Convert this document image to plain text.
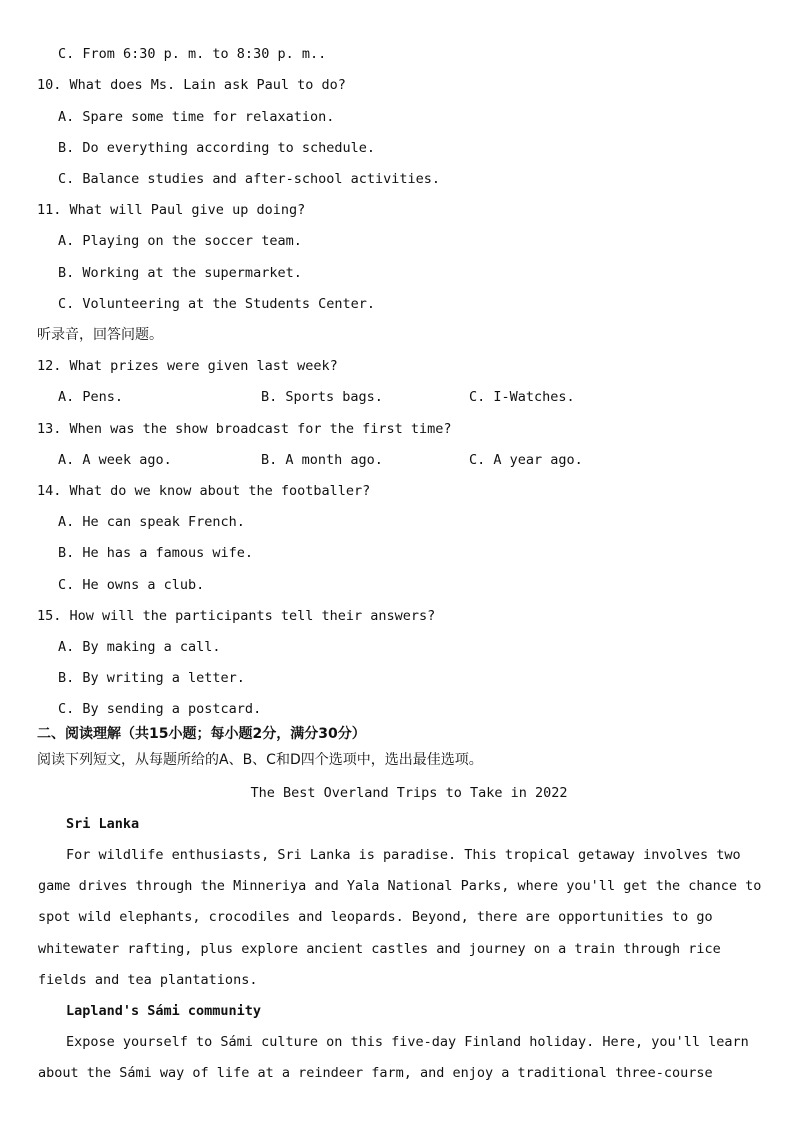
C. From 6:30 p. m. to 8:30 p. m..
10. What does Ms. Lain ask Paul to do?
A. Spare some time for relaxation.
B. Do everything according to schedule.
C. Balance studies and after-school activities.
11. What will Paul give up doing?
A. Playing on the soccer team.
B. Working at the supermarket.
C. Volunteering at the Students Center.
听录音，回答问题。
12. What prizes were given last week?
A. Pens.	B. Sports bags.	C. I-Watches.
13. When was the show broadcast for the first time?
A. A week ago.	B. A month ago.	C. A year ago.
14. What do we know about the footballer?
A. He can speak French.
B. He has a famous wife.
C. He owns a club.
15. How will the participants tell their answers?
A. By making a call.
B. By writing a letter.
C. By sending a postcard.
二、阅读理解（共15小题；每小题2分，满分30分）
阅读下列短文，从每题所给的A、B、C和D四个选项中，选出最佳选项。
The Best Overland Trips to Take in 2022
Sri Lanka
For wildlife enthusiasts, Sri Lanka is paradise. This tropical getaway involves two
game drives through the Minneriya and Yala National Parks, where you'll get the chance to
spot wild elephants, crocodiles and leopards. Beyond, there are opportunities to go
whitewater rafting, plus explore ancient castles and journey on a train through rice
fields and tea plantations.
Lapland's Sámi community
Expose yourself to Sámi culture on this five-day Finland holiday. Here, you'll learn
about the Sámi way of life at a reindeer farm, and enjoy a traditional three-course
